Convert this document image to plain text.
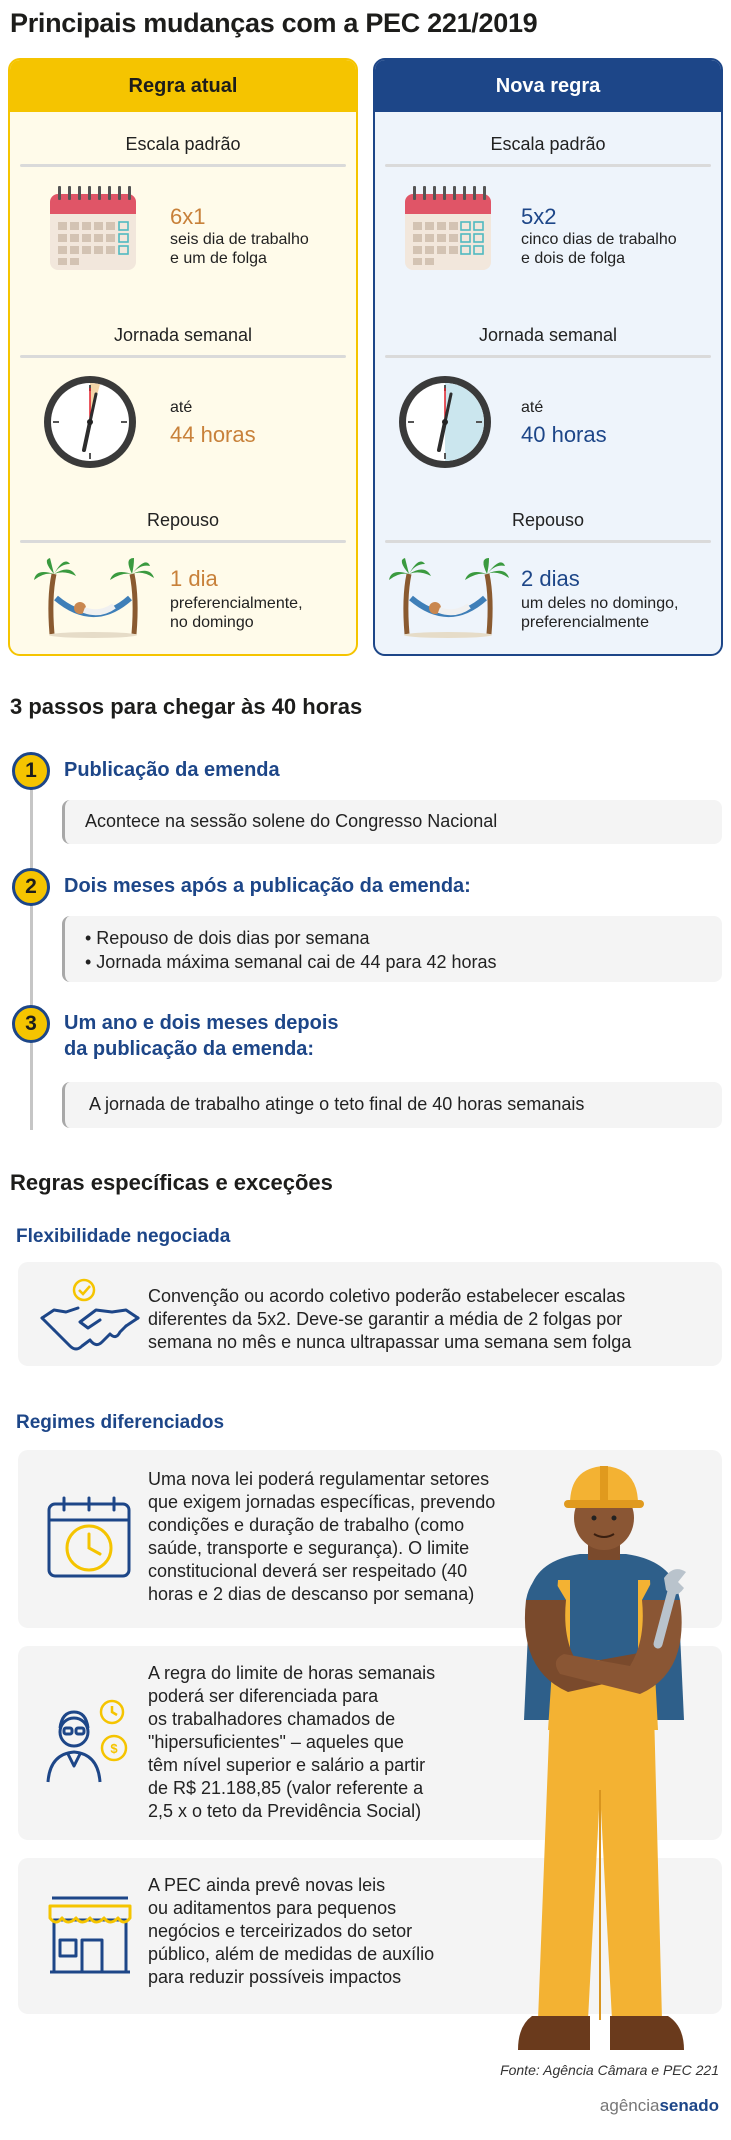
Principais mudanças com a PEC 221/2019
Regra atual
Escala padrão
6x1
seis dia de trabalho
e um de folga
Jornada semanal
até
44 horas
Repouso
1 dia
preferencialmente,
no domingo
Nova regra
Escala padrão
5x2
cinco dias de trabalho
e dois de folga
Jornada semanal
até
40 horas
Repouso
2 dias
um deles no domingo,
preferencialmente
3 passos para chegar às 40 horas
1	Publicação da emenda
Acontece na sessão solene do Congresso Nacional
2	Dois meses após a publicação da emenda:
• Repouso de dois dias por semana
• Jornada máxima semanal cai de 44 para 42 horas
3	Um ano e dois meses depois
da publicação da emenda:
A jornada de trabalho atinge o teto final de 40 horas semanais
Regras específicas e exceções
Flexibilidade negociada
Convenção ou acordo coletivo poderão estabelecer escalas
diferentes da 5x2. Deve-se garantir a média de 2 folgas por
semana no mês e nunca ultrapassar uma semana sem folga
Regimes diferenciados
Uma nova lei poderá regulamentar setores
que exigem jornadas específicas, prevendo
condições e duração de trabalho (como
saúde, transporte e segurança). O limite
constitucional deverá ser respeitado (40
horas e 2 dias de descanso por semana)
$
A regra do limite de horas semanais
poderá ser diferenciada para
os trabalhadores chamados de
"hipersuficientes" – aqueles que
têm nível superior e salário a partir
de R$ 21.188,85 (valor referente a
2,5 x o teto da Previdência Social)
A PEC ainda prevê novas leis
ou aditamentos para pequenos
negócios e terceirizados do setor
público, além de medidas de auxílio
para reduzir possíveis impactos
Fonte: Agência Câmara e PEC 221
agênciasenado
